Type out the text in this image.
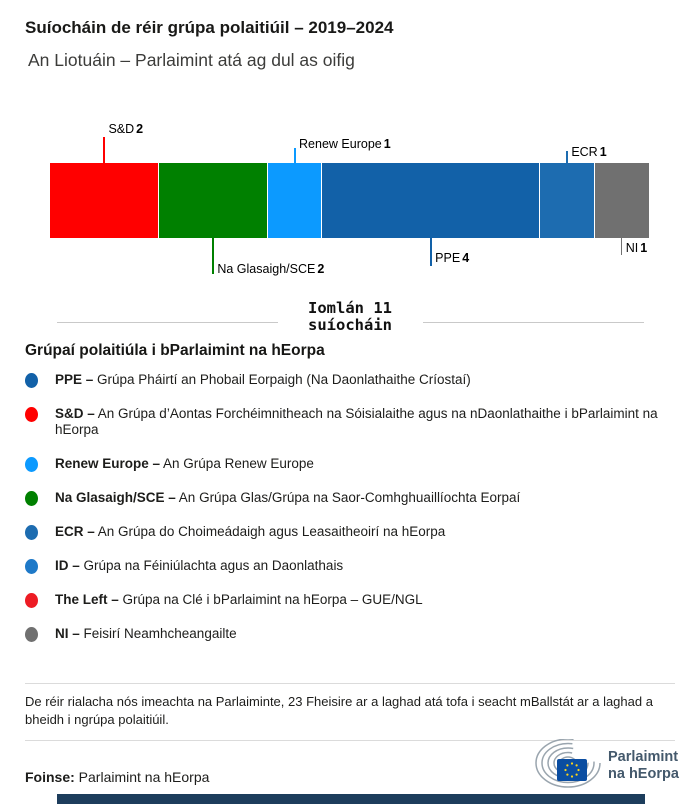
Suíocháin de réir grúpa polaitiúil – 2019–2024
An Liotuáin – Parlaimint atá ag dul as oifig
S&D 2
Na Glasaigh/SCE 2
Renew Europe 1
PPE 4
ECR 1
NI 1
Iomlán 11
suíocháin
Grúpaí polaitiúla i bParlaimint na hEorpa
PPE – Grúpa Pháirtí an Phobail Eorpaigh (Na Daonlathaithe Críostaí)
S&D – An Grúpa d’Aontas Forchéimnitheach na Sóisialaithe agus na nDaonlathaithe i bParlaimint na hEorpa
Renew Europe – An Grúpa Renew Europe
Na Glasaigh/SCE – An Grúpa Glas/Grúpa na Saor-Comhghuaillíochta Eorpaí
ECR – An Grúpa do Choimeádaigh agus Leasaitheoirí na hEorpa
ID – Grúpa na Féiniúlachta agus an Daonlathais
The Left – Grúpa na Clé i bParlaimint na hEorpa – GUE/NGL
NI – Feisirí Neamhcheangailte
De réir rialacha nós imeachta na Parlaiminte, 23 Fheisire ar a laghad atá tofa i seacht mBallstát ar a laghad a bheidh i ngrúpa polaitiúil.
Foinse: Parlaimint na hEorpa
Parlaimint
na hEorpa
